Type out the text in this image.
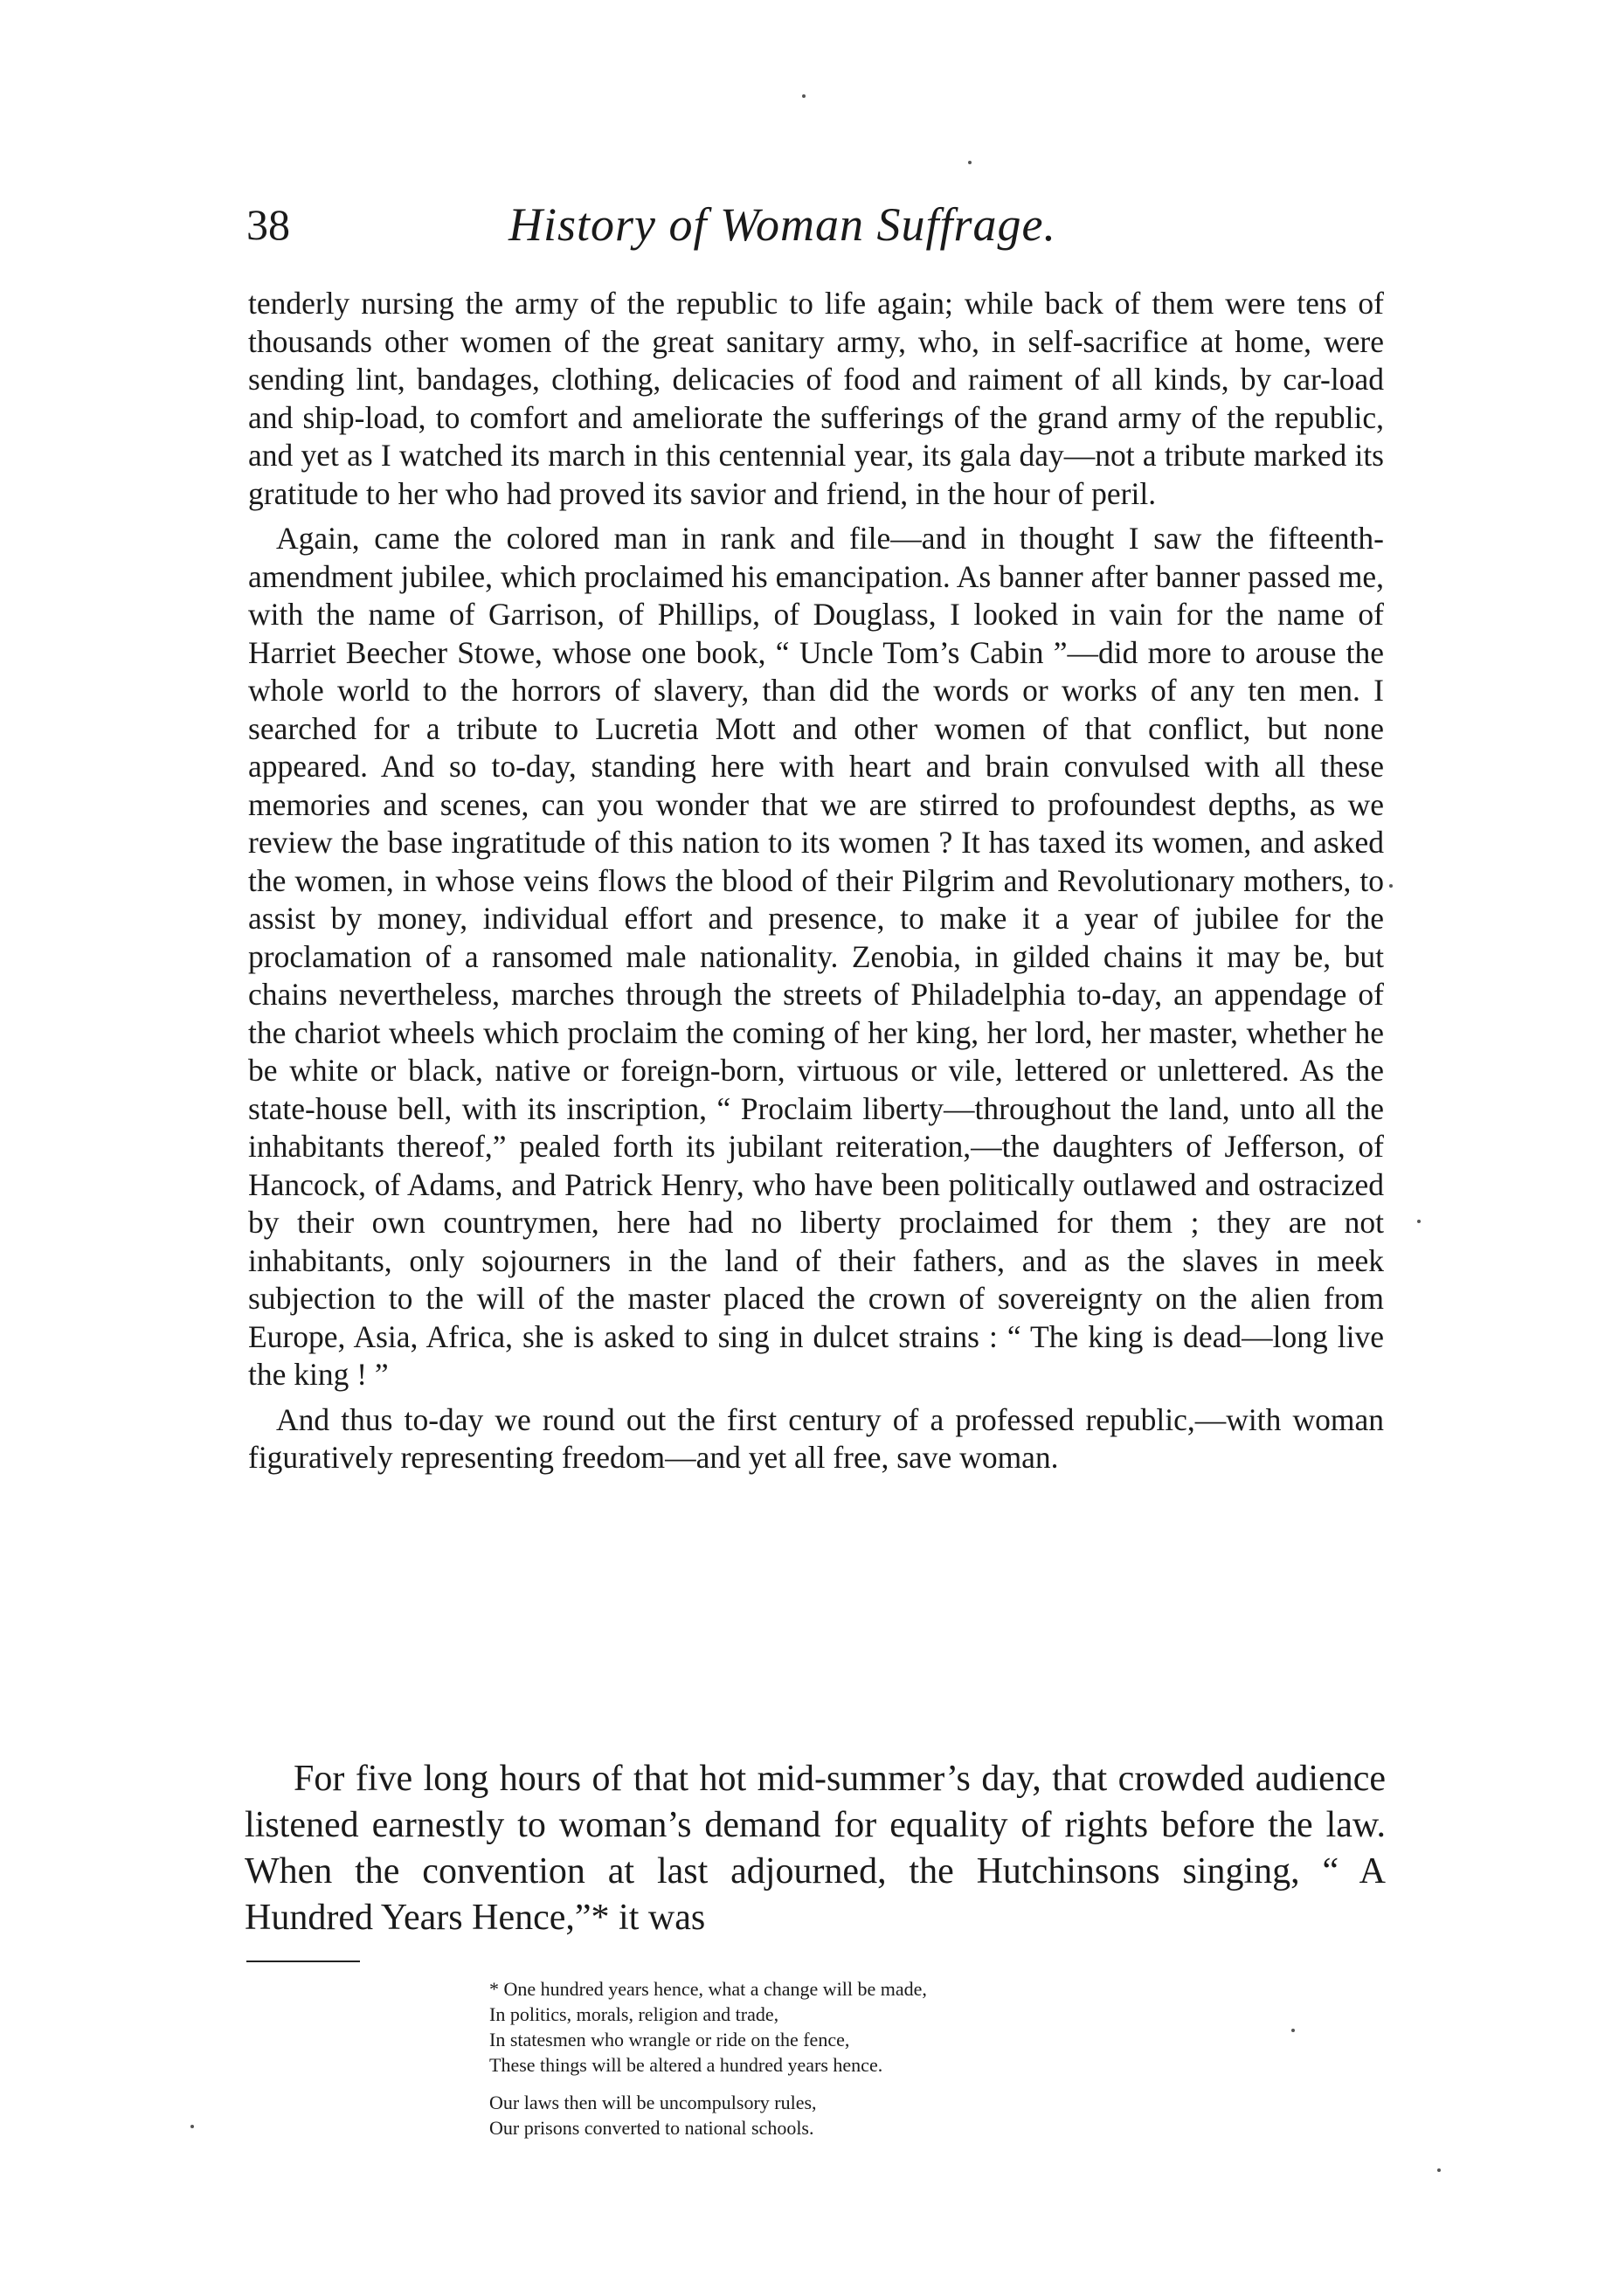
38	History of Woman Suffrage.

tenderly nursing the army of the republic to life again; while back of them were tens of thousands other women of the great sanitary army, who, in self-sacrifice at home, were sending lint, bandages, clothing, delicacies of food and raiment of all kinds, by car-load and ship-load, to comfort and ameliorate the sufferings of the grand army of the republic, and yet as I watched its march in this centennial year, its gala day—not a tribute marked its gratitude to her who had proved its savior and friend, in the hour of peril.

Again, came the colored man in rank and file—and in thought I saw the fifteenth-amendment jubilee, which proclaimed his emancipation. As banner after banner passed me, with the name of Garrison, of Phillips, of Douglass, I looked in vain for the name of Harriet Beecher Stowe, whose one book, “ Uncle Tom’s Cabin ”—did more to arouse the whole world to the horrors of slavery, than did the words or works of any ten men. I searched for a tribute to Lucretia Mott and other women of that conflict, but none appeared. And so to-day, standing here with heart and brain convulsed with all these memories and scenes, can you wonder that we are stirred to profoundest depths, as we review the base ingratitude of this nation to its women ? It has taxed its women, and asked the women, in whose veins flows the blood of their Pilgrim and Revolutionary mothers, to assist by money, individual effort and presence, to make it a year of jubilee for the proclamation of a ransomed male nationality. Zenobia, in gilded chains it may be, but chains nevertheless, marches through the streets of Philadelphia to-day, an appendage of the chariot wheels which proclaim the coming of her king, her lord, her master, whether he be white or black, native or foreign-born, virtuous or vile, lettered or unlettered. As the state-house bell, with its inscription, “ Proclaim liberty—throughout the land, unto all the inhabitants thereof,” pealed forth its jubilant reiteration,—the daughters of Jefferson, of Hancock, of Adams, and Patrick Henry, who have been politically outlawed and ostracized by their own countrymen, here had no liberty proclaimed for them ; they are not inhabitants, only sojourners in the land of their fathers, and as the slaves in meek subjection to the will of the master placed the crown of sovereignty on the alien from Europe, Asia, Africa, she is asked to sing in dulcet strains : “ The king is dead—long live the king ! ”

And thus to-day we round out the first century of a professed republic,—with woman figuratively representing freedom—and yet all free, save woman.

For five long hours of that hot mid-summer’s day, that crowded audience listened earnestly to woman’s demand for equality of rights before the law. When the convention at last adjourned, the Hutchinsons singing, “ A Hundred Years Hence,”* it was

* One hundred years hence, what a change will be made,
In politics, morals, religion and trade,
In statesmen who wrangle or ride on the fence,
These things will be altered a hundred years hence.
Our laws then will be uncompulsory rules,
Our prisons converted to national schools.
